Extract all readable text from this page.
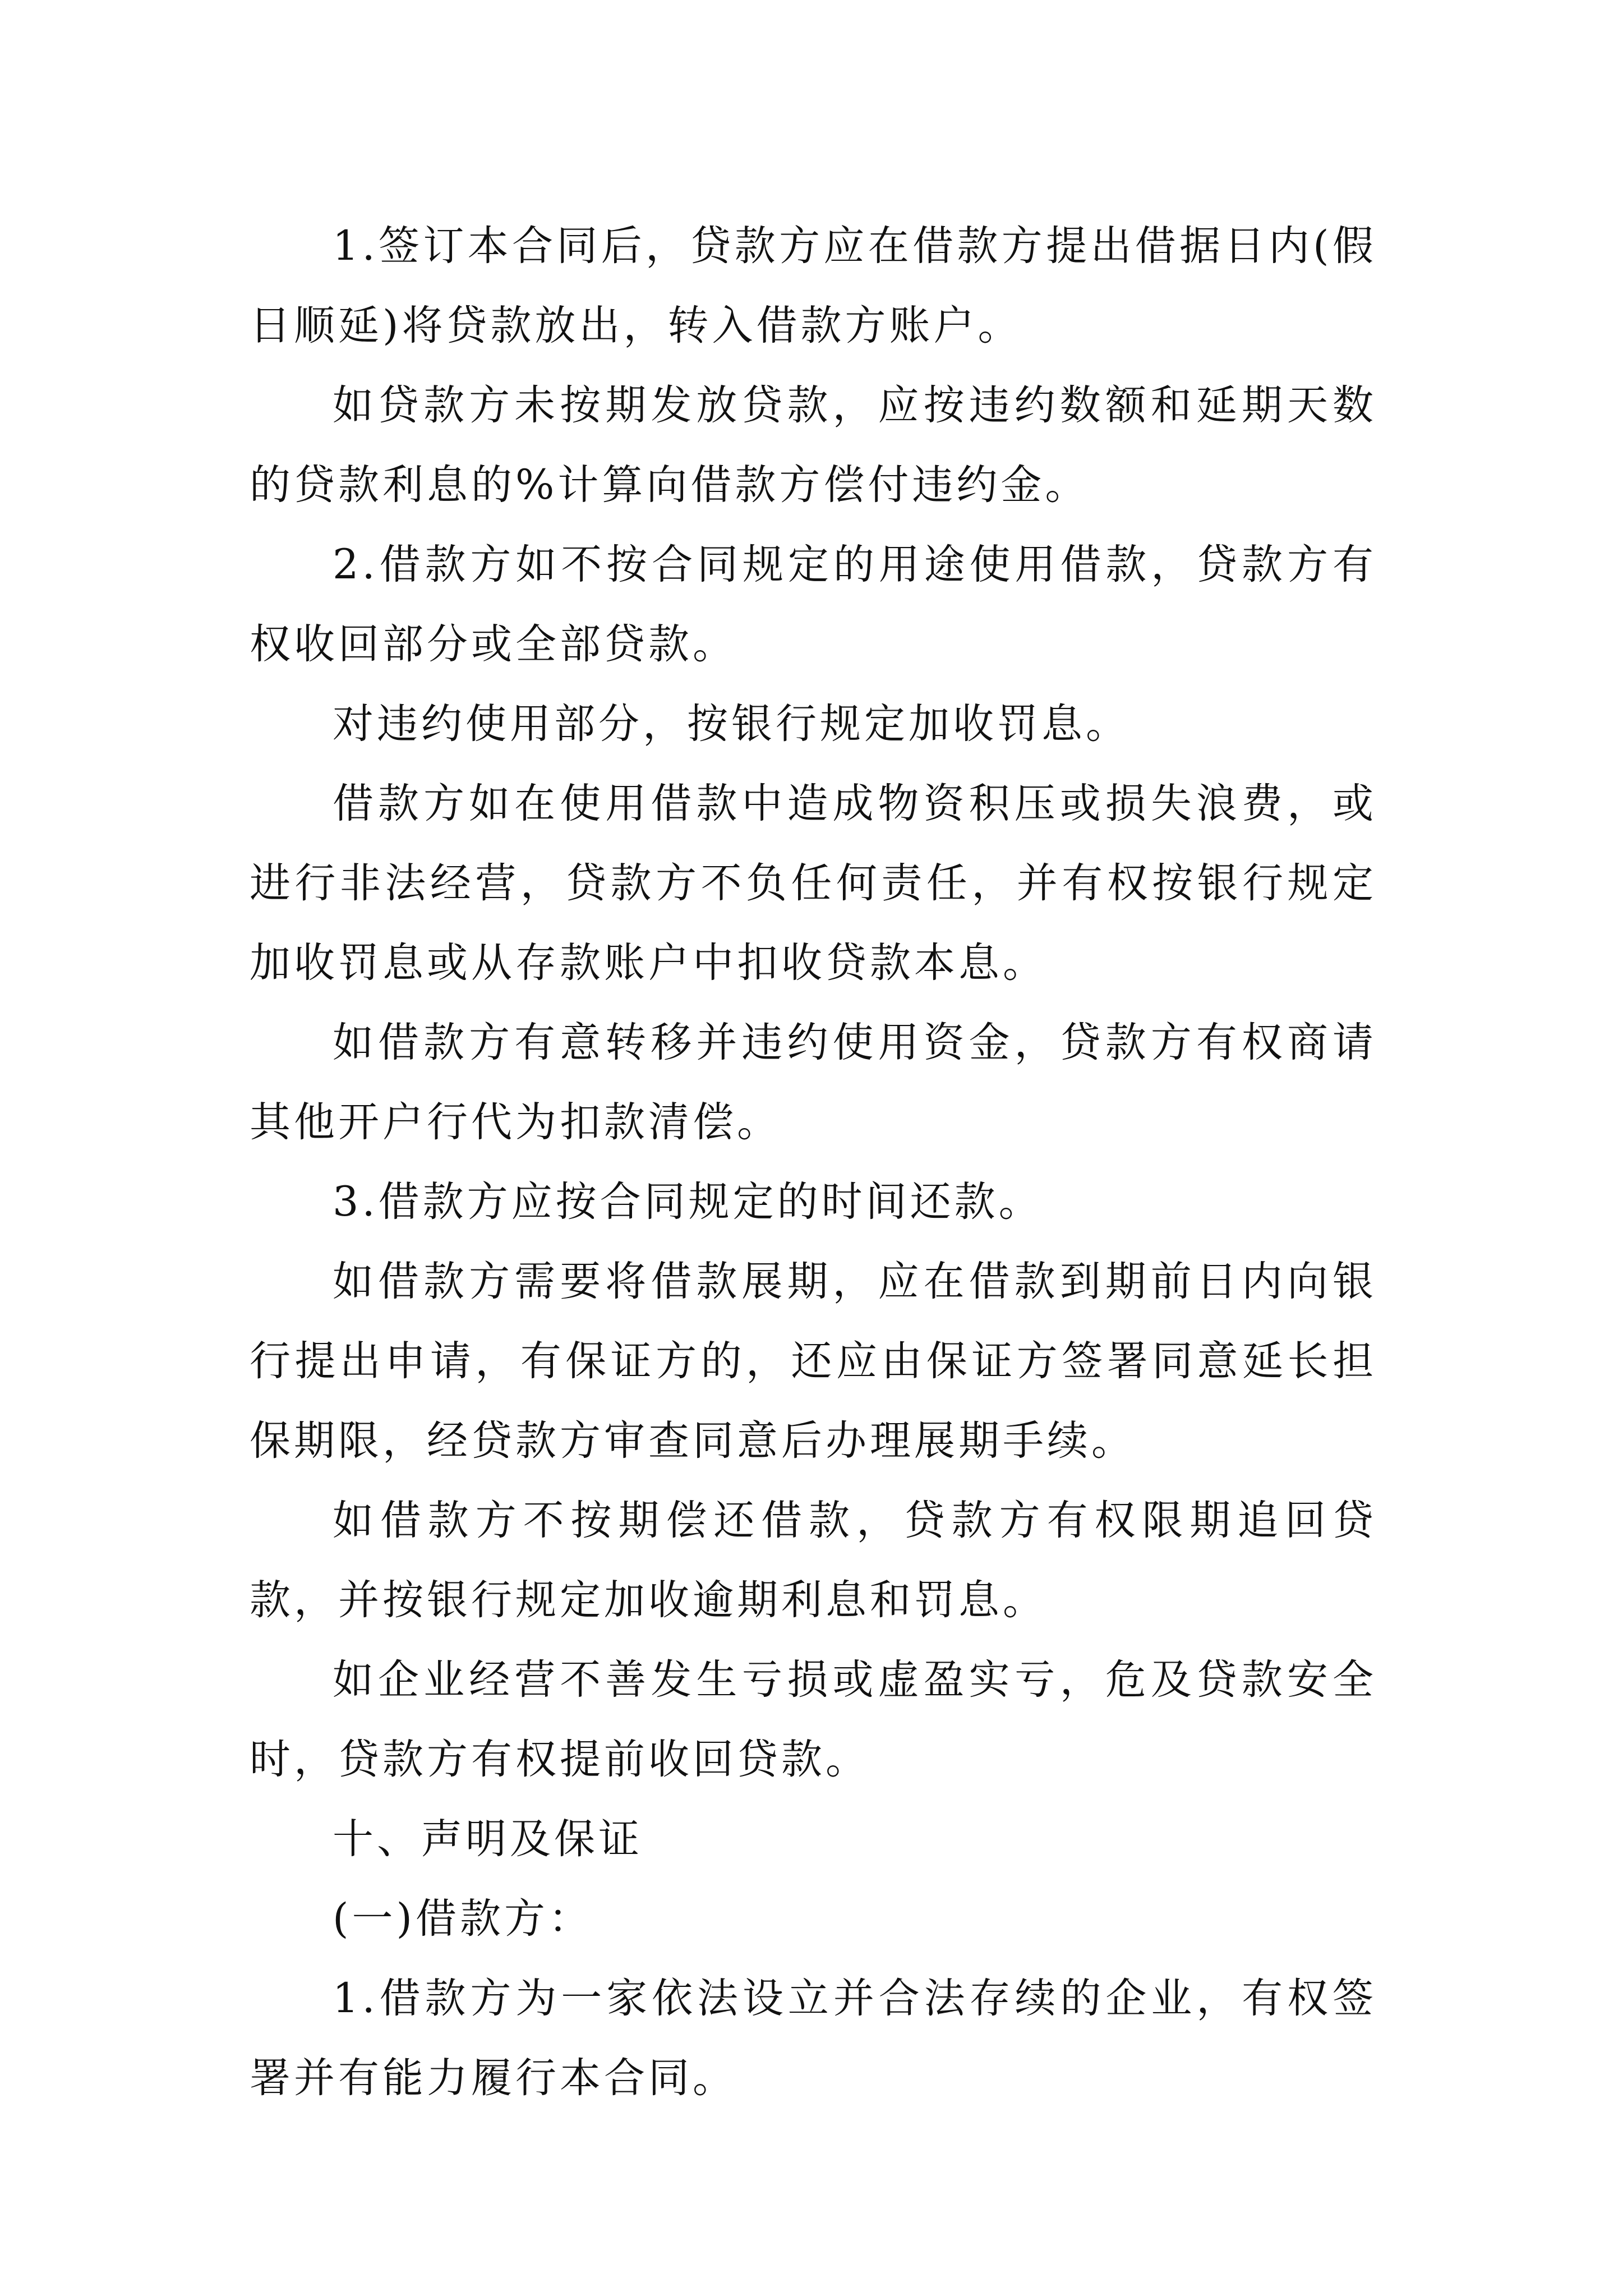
1.签订本合同后，贷款方应在借款方提出借据日内(假日顺延)将贷款放出，转入借款方账户。

如贷款方未按期发放贷款，应按违约数额和延期天数的贷款利息的%计算向借款方偿付违约金。

2.借款方如不按合同规定的用途使用借款，贷款方有权收回部分或全部贷款。

对违约使用部分，按银行规定加收罚息。

借款方如在使用借款中造成物资积压或损失浪费，或进行非法经营，贷款方不负任何责任，并有权按银行规定加收罚息或从存款账户中扣收贷款本息。

如借款方有意转移并违约使用资金，贷款方有权商请其他开户行代为扣款清偿。

3.借款方应按合同规定的时间还款。

如借款方需要将借款展期，应在借款到期前日内向银行提出申请，有保证方的，还应由保证方签署同意延长担保期限，经贷款方审查同意后办理展期手续。

如借款方不按期偿还借款，贷款方有权限期追回贷款，并按银行规定加收逾期利息和罚息。

如企业经营不善发生亏损或虚盈实亏，危及贷款安全时，贷款方有权提前收回贷款。

十、声明及保证

(一)借款方：

1.借款方为一家依法设立并合法存续的企业，有权签署并有能力履行本合同。
